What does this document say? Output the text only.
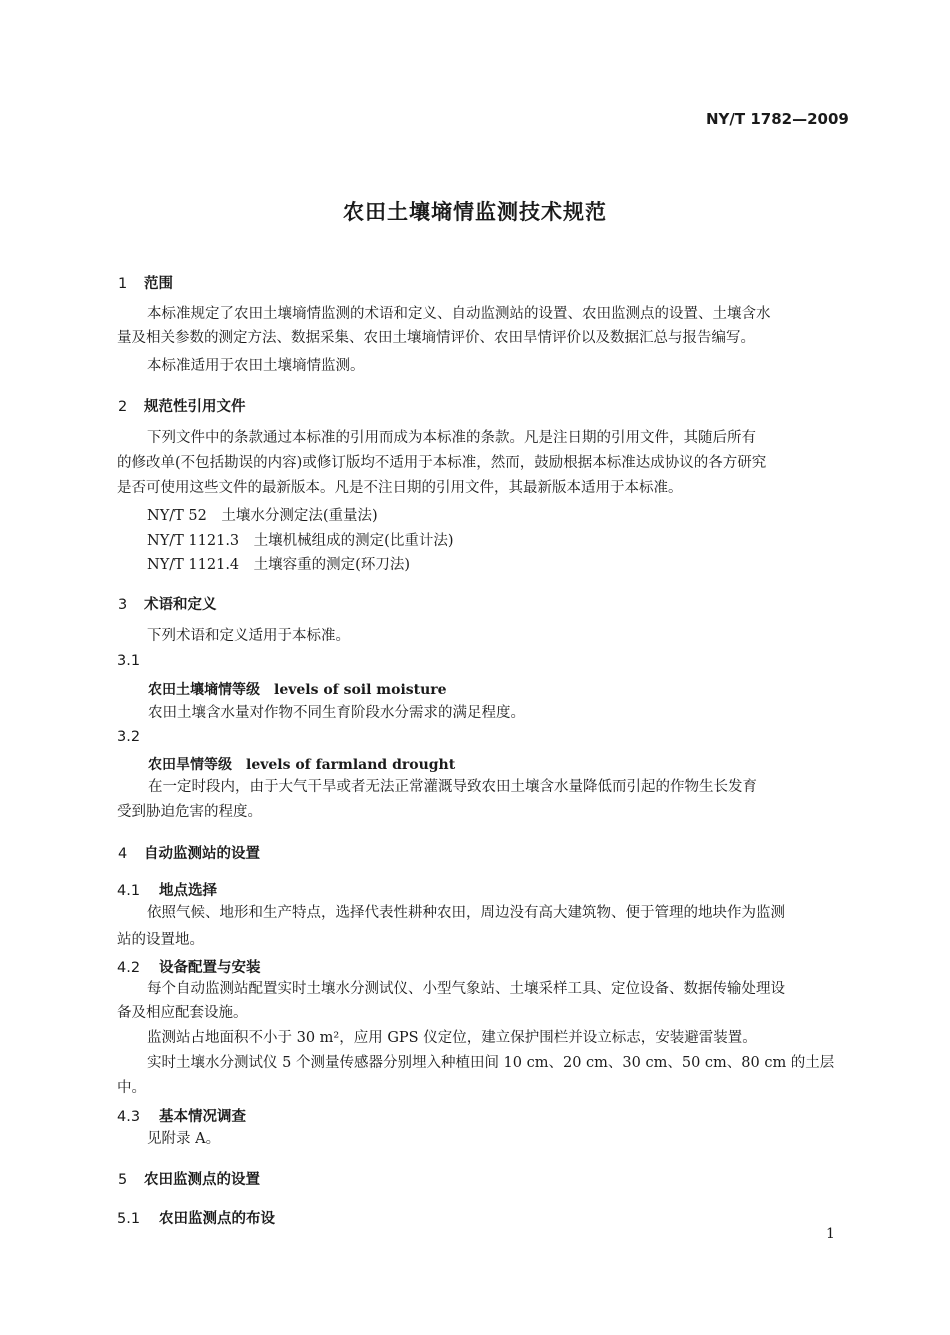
NY/T 1782—2009
农田土壤墒情监测技术规范
1 范围
本标准规定了农田土壤墒情监测的术语和定义、自动监测站的设置、农田监测点的设置、土壤含水
量及相关参数的测定方法、数据采集、农田土壤墒情评价、农田旱情评价以及数据汇总与报告编写。
本标准适用于农田土壤墒情监测。
2 规范性引用文件
下列文件中的条款通过本标准的引用而成为本标准的条款。凡是注日期的引用文件，其随后所有
的修改单(不包括勘误的内容)或修订版均不适用于本标准，然而，鼓励根据本标准达成协议的各方研究
是否可使用这些文件的最新版本。凡是不注日期的引用文件，其最新版本适用于本标准。
NY/T 52　土壤水分测定法(重量法)
NY/T 1121.3　土壤机械组成的测定(比重计法)
NY/T 1121.4　土壤容重的测定(环刀法)
3 术语和定义
下列术语和定义适用于本标准。
3.1
农田土壤墒情等级 levels of soil moisture
农田土壤含水量对作物不同生育阶段水分需求的满足程度。
3.2
农田旱情等级 levels of farmland drought
在一定时段内，由于大气干旱或者无法正常灌溉导致农田土壤含水量降低而引起的作物生长发育
受到胁迫危害的程度。
4 自动监测站的设置
4.1 地点选择
依照气候、地形和生产特点，选择代表性耕种农田，周边没有高大建筑物、便于管理的地块作为监测
站的设置地。
4.2 设备配置与安装
每个自动监测站配置实时土壤水分测试仪、小型气象站、土壤采样工具、定位设备、数据传输处理设
备及相应配套设施。
监测站占地面积不小于 30 m²，应用 GPS 仪定位，建立保护围栏并设立标志，安装避雷装置。
实时土壤水分测试仪 5 个测量传感器分别埋入种植田间 10 cm、20 cm、30 cm、50 cm、80 cm 的土层
中。
4.3 基本情况调查
见附录 A。
5 农田监测点的设置
5.1 农田监测点的布设
1
